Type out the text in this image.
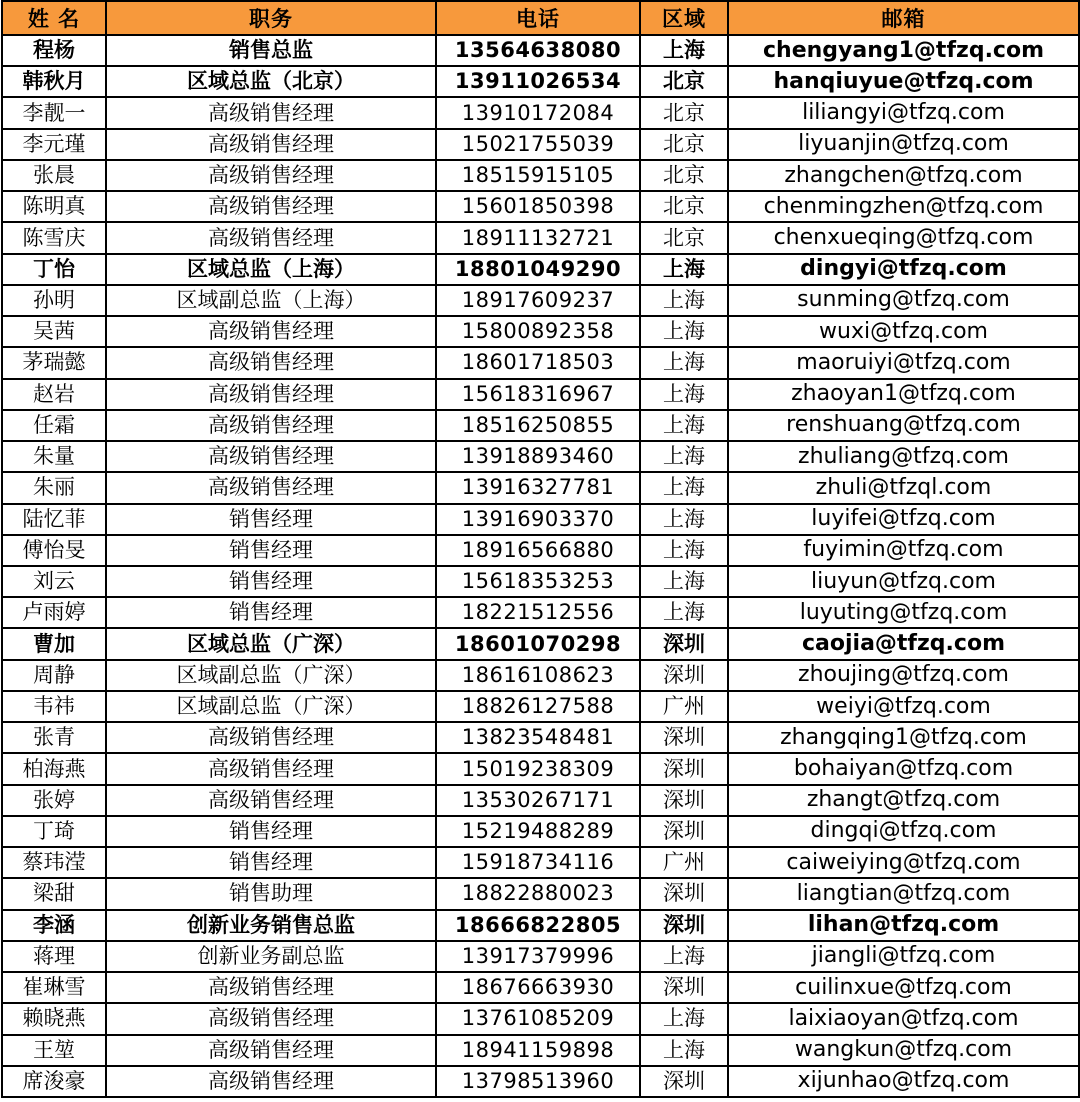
姓 名	职务	电话	区域	邮箱
程杨	销售总监	13564638080	上海	chengyang1@tfzq.com
韩秋月	区域总监（北京）	13911026534	北京	hanqiuyue@tfzq.com
李靓一	高级销售经理	13910172084	北京	liliangyi@tfzq.com
李元瑾	高级销售经理	15021755039	北京	liyuanjin@tfzq.com
张晨	高级销售经理	18515915105	北京	zhangchen@tfzq.com
陈明真	高级销售经理	15601850398	北京	chenmingzhen@tfzq.com
陈雪庆	高级销售经理	18911132721	北京	chenxueqing@tfzq.com
丁怡	区域总监（上海）	18801049290	上海	dingyi@tfzq.com
孙明	区域副总监（上海）	18917609237	上海	sunming@tfzq.com
吴茜	高级销售经理	15800892358	上海	wuxi@tfzq.com
茅瑞懿	高级销售经理	18601718503	上海	maoruiyi@tfzq.com
赵岩	高级销售经理	15618316967	上海	zhaoyan1@tfzq.com
任霜	高级销售经理	18516250855	上海	renshuang@tfzq.com
朱量	高级销售经理	13918893460	上海	zhuliang@tfzq.com
朱丽	高级销售经理	13916327781	上海	zhuli@tfzql.com
陆忆菲	销售经理	13916903370	上海	luyifei@tfzq.com
傅怡旻	销售经理	18916566880	上海	fuyimin@tfzq.com
刘云	销售经理	15618353253	上海	liuyun@tfzq.com
卢雨婷	销售经理	18221512556	上海	luyuting@tfzq.com
曹加	区域总监（广深）	18601070298	深圳	caojia@tfzq.com
周静	区域副总监（广深）	18616108623	深圳	zhoujing@tfzq.com
韦祎	区域副总监（广深）	18826127588	广州	weiyi@tfzq.com
张青	高级销售经理	13823548481	深圳	zhangqing1@tfzq.com
柏海燕	高级销售经理	15019238309	深圳	bohaiyan@tfzq.com
张婷	高级销售经理	13530267171	深圳	zhangt@tfzq.com
丁琦	销售经理	15219488289	深圳	dingqi@tfzq.com
蔡玮滢	销售经理	15918734116	广州	caiweiying@tfzq.com
梁甜	销售助理	18822880023	深圳	liangtian@tfzq.com
李涵	创新业务销售总监	18666822805	深圳	lihan@tfzq.com
蒋理	创新业务副总监	13917379996	上海	jiangli@tfzq.com
崔琳雪	高级销售经理	18676663930	深圳	cuilinxue@tfzq.com
赖晓燕	高级销售经理	13761085209	上海	laixiaoyan@tfzq.com
王堃	高级销售经理	18941159898	上海	wangkun@tfzq.com
席浚豪	高级销售经理	13798513960	深圳	xijunhao@tfzq.com
